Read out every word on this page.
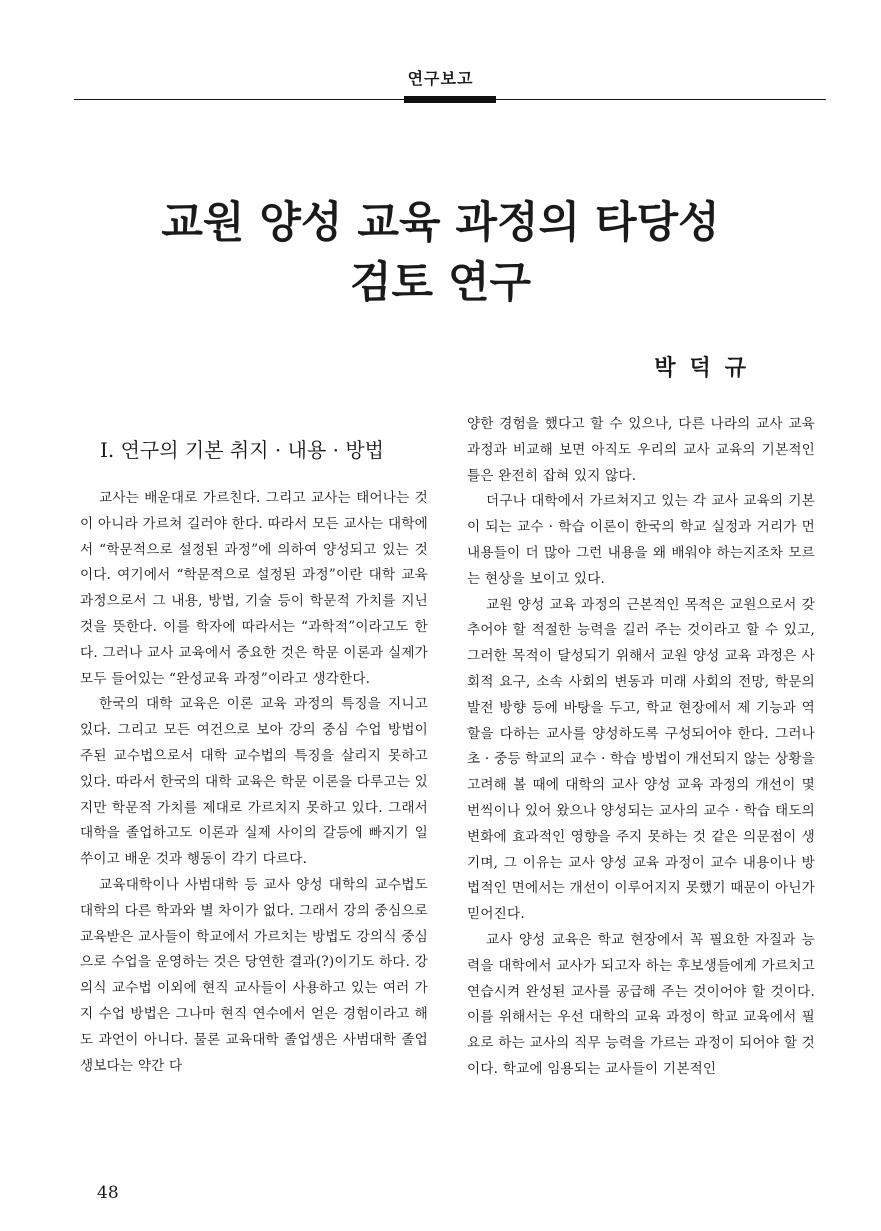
연구보고
교원 양성 교육 과정의 타당성
검토 연구
박덕규
Ⅰ. 연구의 기본 취지 · 내용 · 방법

교사는 배운대로 가르친다. 그리고 교사는 태어나는 것이 아니라 가르쳐 길러야 한다. 따라서 모든 교사는 대학에서 “학문적으로 설정된 과정”에 의하여 양성되고 있는 것이다. 여기에서 “학문적으로 설정된 과정”이란 대학 교육 과정으로서 그 내용, 방법, 기술 등이 학문적 가치를 지닌 것을 뜻한다. 이를 학자에 따라서는 “과학적”이라고도 한다. 그러나 교사 교육에서 중요한 것은 학문 이론과 실제가 모두 들어있는 “완성교육 과정”이라고 생각한다.

한국의 대학 교육은 이론 교육 과정의 특징을 지니고 있다. 그리고 모든 여건으로 보아 강의 중심 수업 방법이 주된 교수법으로서 대학 교수법의 특징을 살리지 못하고 있다. 따라서 한국의 대학 교육은 학문 이론을 다루고는 있지만 학문적 가치를 제대로 가르치지 못하고 있다. 그래서 대학을 졸업하고도 이론과 실제 사이의 갈등에 빠지기 일쑤이고 배운 것과 행동이 각기 다르다.

교육대학이나 사범대학 등 교사 양성 대학의 교수법도 대학의 다른 학과와 별 차이가 없다. 그래서 강의 중심으로 교육받은 교사들이 학교에서 가르치는 방법도 강의식 중심으로 수업을 운영하는 것은 당연한 결과(?)이기도 하다. 강의식 교수법 이외에 현직 교사들이 사용하고 있는 여러 가지 수업 방법은 그나마 현직 연수에서 얻은 경험이라고 해도 과언이 아니다. 물론 교육대학 졸업생은 사범대학 졸업생보다는 약간 다

양한 경험을 했다고 할 수 있으나, 다른 나라의 교사 교육 과정과 비교해 보면 아직도 우리의 교사 교육의 기본적인 틀은 완전히 잡혀 있지 않다.

더구나 대학에서 가르쳐지고 있는 각 교사 교육의 기본이 되는 교수 · 학습 이론이 한국의 학교 실정과 거리가 먼 내용들이 더 많아 그런 내용을 왜 배워야 하는지조차 모르는 현상을 보이고 있다.

교원 양성 교육 과정의 근본적인 목적은 교원으로서 갖추어야 할 적절한 능력을 길러 주는 것이라고 할 수 있고, 그러한 목적이 달성되기 위해서 교원 양성 교육 과정은 사회적 요구, 소속 사회의 변동과 미래 사회의 전망, 학문의 발전 방향 등에 바탕을 두고, 학교 현장에서 제 기능과 역할을 다하는 교사를 양성하도록 구성되어야 한다. 그러나 초 · 중등 학교의 교수 · 학습 방법이 개선되지 않는 상황을 고려해 볼 때에 대학의 교사 양성 교육 과정의 개선이 몇 번씩이나 있어 왔으나 양성되는 교사의 교수 · 학습 태도의 변화에 효과적인 영향을 주지 못하는 것 같은 의문점이 생기며, 그 이유는 교사 양성 교육 과정이 교수 내용이나 방법적인 면에서는 개선이 이루어지지 못했기 때문이 아닌가 믿어진다.

교사 양성 교육은 학교 현장에서 꼭 필요한 자질과 능력을 대학에서 교사가 되고자 하는 후보생들에게 가르치고 연습시켜 완성된 교사를 공급해 주는 것이어야 할 것이다. 이를 위해서는 우선 대학의 교육 과정이 학교 교육에서 필요로 하는 교사의 직무 능력을 가르는 과정이 되어야 할 것이다. 학교에 임용되는 교사들이 기본적인

48
